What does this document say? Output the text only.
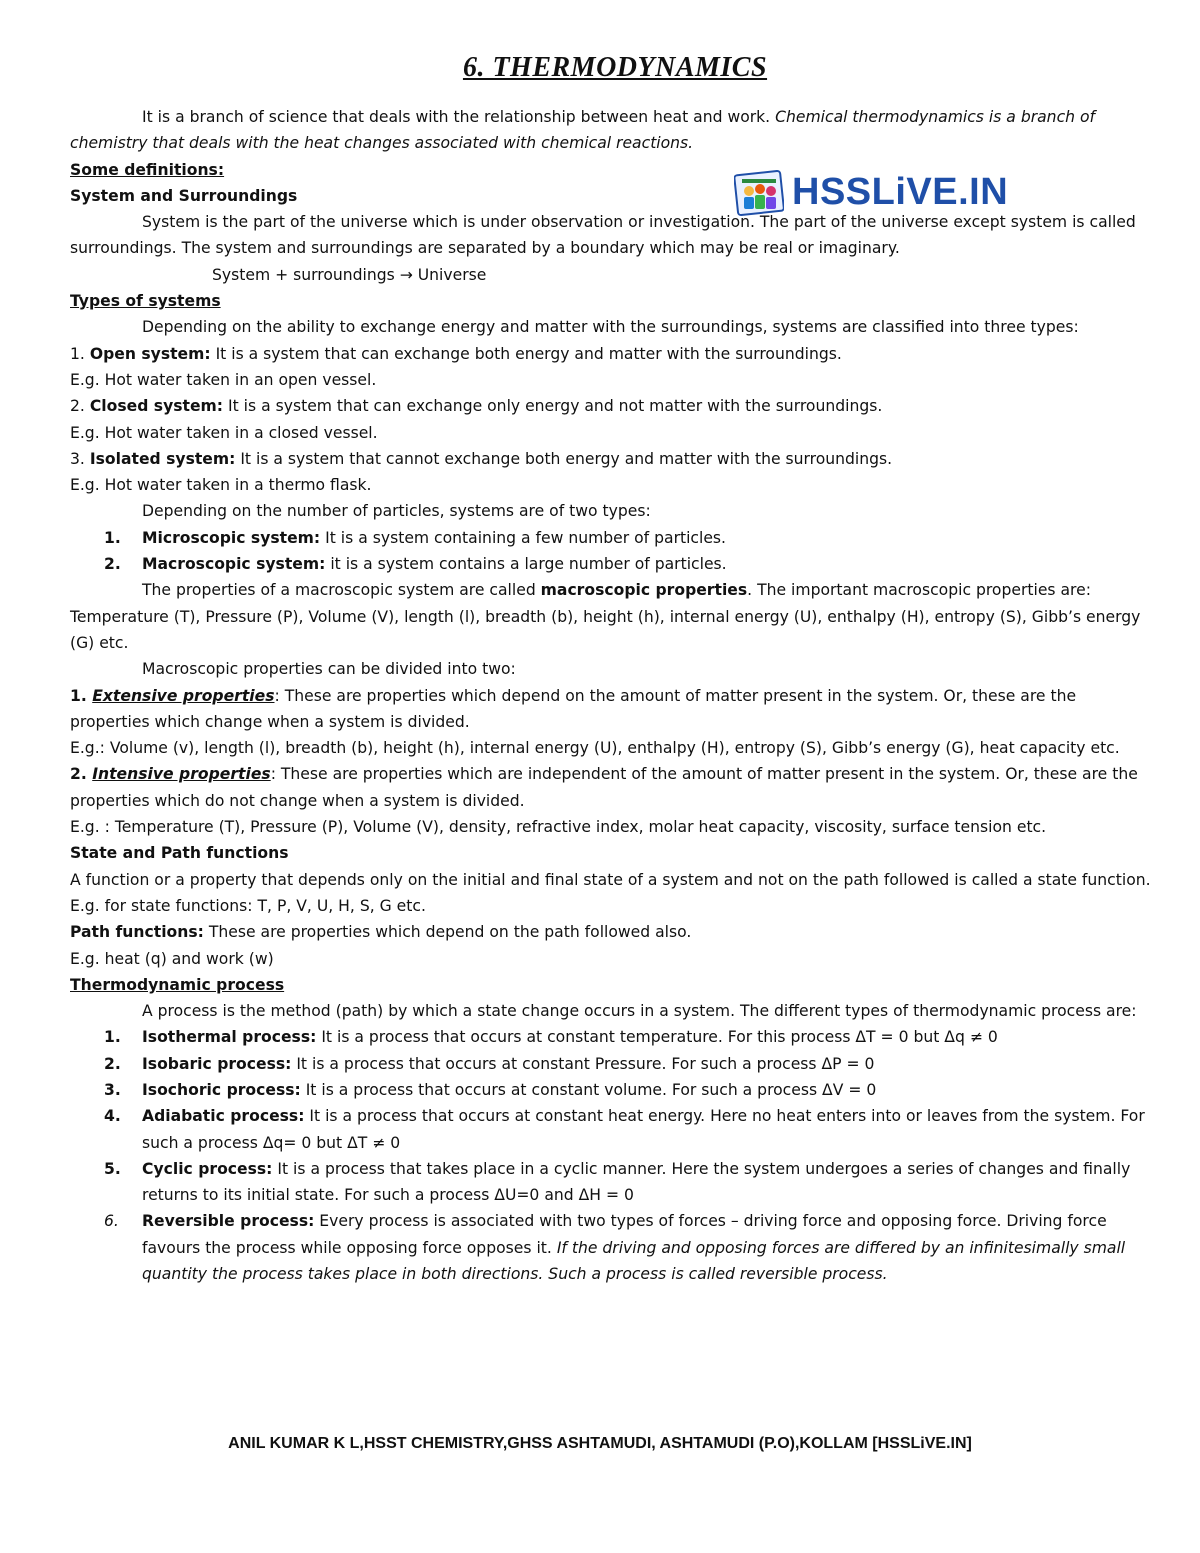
HSSLiVE.IN
6. THERMODYNAMICS

It is a branch of science that deals with the relationship between heat and work. Chemical thermodynamics is a branch of chemistry that deals with the heat changes associated with chemical reactions.

Some definitions:

System and Surroundings

System is the part of the universe which is under observation or investigation. The part of the universe except system is called surroundings. The system and surroundings are separated by a boundary which may be real or imaginary.

System + surroundings → Universe

Types of systems

Depending on the ability to exchange energy and matter with the surroundings, systems are classified into three types:

1. Open system: It is a system that can exchange both energy and matter with the surroundings.

E.g. Hot water taken in an open vessel.

2. Closed system: It is a system that can exchange only energy and not matter with the surroundings.

E.g. Hot water taken in a closed vessel.

3. Isolated system: It is a system that cannot exchange both energy and matter with the surroundings.

E.g. Hot water taken in a thermo flask.

Depending on the number of particles, systems are of two types:

1. Microscopic system: It is a system containing a few number of particles.
2. Macroscopic system: it is a system contains a large number of particles.

The properties of a macroscopic system are called macroscopic properties. The important macroscopic properties are: Temperature (T), Pressure (P), Volume (V), length (l), breadth (b), height (h), internal energy (U), enthalpy (H), entropy (S), Gibb’s energy (G) etc.

Macroscopic properties can be divided into two:

1. Extensive properties: These are properties which depend on the amount of matter present in the system. Or, these are the properties which change when a system is divided.

E.g.: Volume (v), length (l), breadth (b), height (h), internal energy (U), enthalpy (H), entropy (S), Gibb’s energy (G), heat capacity etc.

2. Intensive properties: These are properties which are independent of the amount of matter present in the system. Or, these are the properties which do not change when a system is divided.

E.g. : Temperature (T), Pressure (P), Volume (V), density, refractive index, molar heat capacity, viscosity, surface tension etc.

State and Path functions

A function or a property that depends only on the initial and final state of a system and not on the path followed is called a state function.

E.g. for state functions: T, P, V, U, H, S, G etc.

Path functions: These are properties which depend on the path followed also.

E.g. heat (q) and work (w)

Thermodynamic process

A process is the method (path) by which a state change occurs in a system. The different types of thermodynamic process are:

1. Isothermal process: It is a process that occurs at constant temperature. For this process ΔT = 0 but Δq ≠ 0
2. Isobaric process: It is a process that occurs at constant Pressure. For such a process ΔP = 0
3. Isochoric process: It is a process that occurs at constant volume. For such a process ΔV = 0
4. Adiabatic process: It is a process that occurs at constant heat energy. Here no heat enters into or leaves from the system. For such a process Δq= 0 but ΔT ≠ 0
5. Cyclic process: It is a process that takes place in a cyclic manner. Here the system undergoes a series of changes and finally returns to its initial state. For such a process ΔU=0 and ΔH = 0
6. Reversible process: Every process is associated with two types of forces – driving force and opposing force. Driving force favours the process while opposing force opposes it. If the driving and opposing forces are differed by an infinitesimally small quantity the process takes place in both directions. Such a process is called reversible process.
ANIL KUMAR K L,HSST CHEMISTRY,GHSS ASHTAMUDI, ASHTAMUDI (P.O),KOLLAM [HSSLiVE.IN]
